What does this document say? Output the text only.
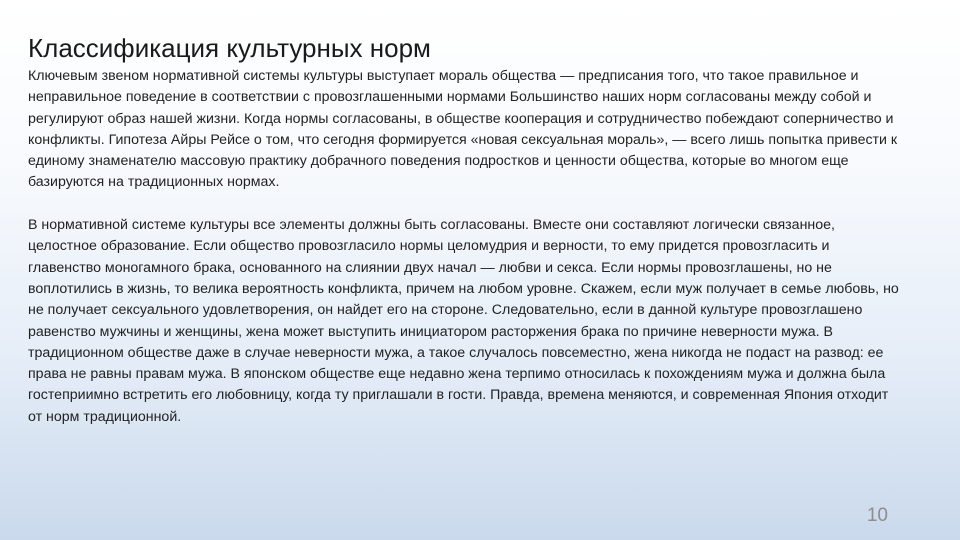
Классификация культурных норм

Ключевым звеном нормативной системы культуры выступает мораль общества — предписания того, что такое правильное и неправильное поведение в соответствии с провозглашенными нормами Большинство наших норм согласованы между собой и регулируют образ нашей жизни. Когда нормы согласованы, в обществе кооперация и сотрудничество побеждают соперничество и конфликты. Гипотеза Айры Рейсе о том, что сегодня формируется «новая сексуальная мораль», — всего лишь попытка привести к единому знаменателю массовую практику добрачного поведения подростков и ценности общества, которые во многом еще базируются на традиционных нормах.

В нормативной системе культуры все элементы должны быть согласованы. Вместе они составляют логически связанное, целостное образование. Если общество провозгласило нормы целомудрия и верности, то ему придется провозгласить и главенство моногамного брака, основанного на слиянии двух начал — любви и секса. Если нормы провозглашены, но не воплотились в жизнь, то велика вероятность конфликта, причем на любом уровне. Скажем, если муж получает в семье любовь, но не получает сексуального удовлетворения, он найдет его на стороне. Следовательно, если в данной культуре провозглашено равенство мужчины и женщины, жена может выступить инициатором расторжения брака по причине неверности мужа. В традиционном обществе даже в случае неверности мужа, а такое случалось повсеместно, жена никогда не подаст на развод: ее права не равны правам мужа. В японском обществе еще недавно жена терпимо относилась к похождениям мужа и должна была гостеприимно встретить его любовницу, когда ту приглашали в гости. Правда, времена меняются, и современная Япония отходит от норм традиционной.

10
